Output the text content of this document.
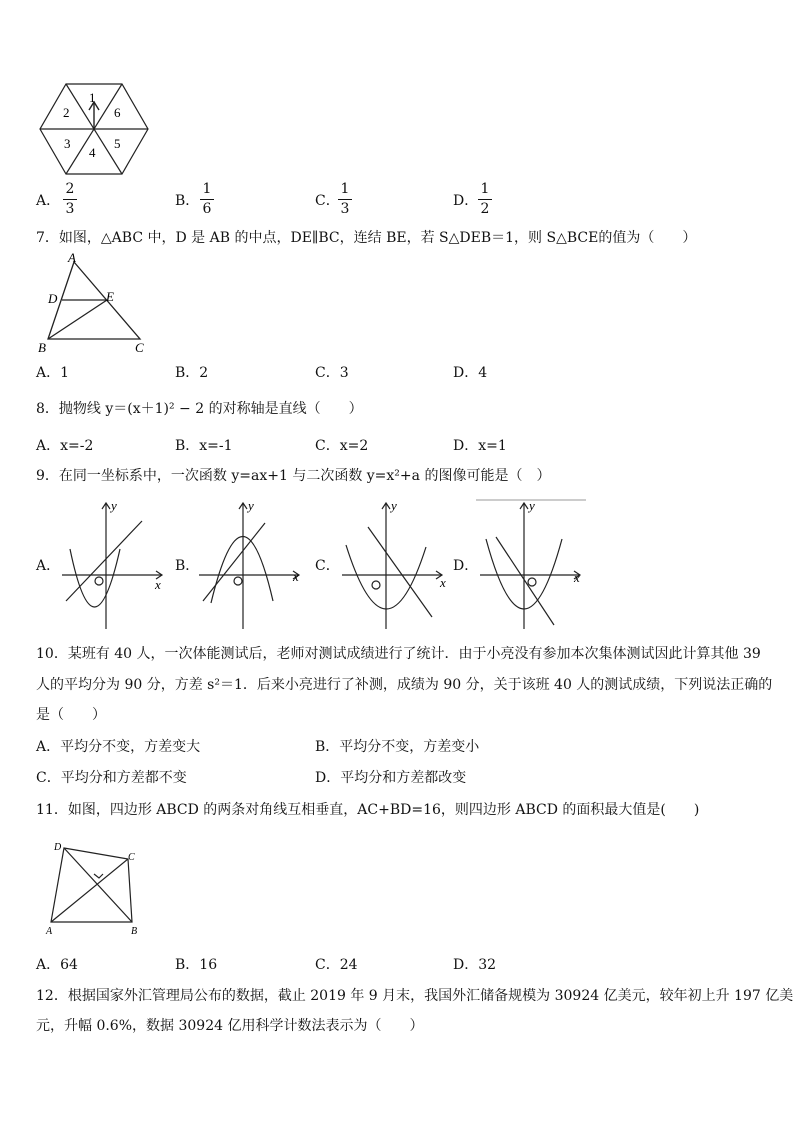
1
6
5
4
3
2
A．
2
3	B．
1
6	C．
1
3	D．
1
2
7．如图，△ABC 中，D 是 AB 的中点，DE∥BC，连结 BE，若 S△DEB＝1，则 S△BCE的值为（　　）
A
D	E
B	C
A．1	B．2	C．3	D．4
8．抛物线 y＝(x＋1)² − 2 的对称轴是直线（　　）
A．x=-2	B．x=-1	C．x=2	D．x=1
9．在同一坐标系中，一次函数 y=ax+1 与二次函数 y=x²+a 的图像可能是（　）
A．	B．	C．	D．
y
x
y
x
y
x
y
x
10．某班有 40 人，一次体能测试后，老师对测试成绩进行了统计．由于小亮没有参加本次集体测试因此计算其他 39
人的平均分为 90 分，方差 s²＝1．后来小亮进行了补测，成绩为 90 分，关于该班 40 人的测试成绩，下列说法正确的
是（　　）
A．平均分不变，方差变大	B．平均分不变，方差变小
C．平均分和方差都不变	D．平均分和方差都改变
11．如图，四边形 ABCD 的两条对角线互相垂直，AC+BD=16，则四边形 ABCD 的面积最大值是(　　)
D
C
A	B
A．64	B．16	C．24	D．32
12．根据国家外汇管理局公布的数据，截止 2019 年 9 月末，我国外汇储备规模为 30924 亿美元，较年初上升 197 亿美
元，升幅 0.6%，数据 30924 亿用科学计数法表示为（　　）
